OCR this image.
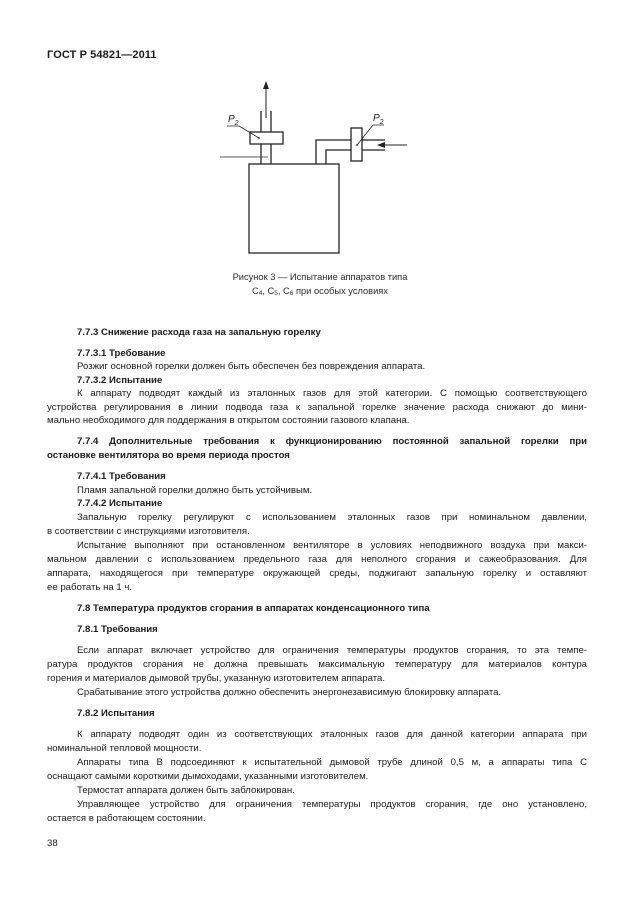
ГОСТ Р 54821—2011
$P_2$	$P_2$
Рисунок 3 — Испытание аппаратов типа
$C_4$, $C_5$, $C_6$ при особых условиях
7.7.3 Снижение расхода газа на запальную горелку
7.7.3.1 Требование
Розжиг основной горелки должен быть обеспечен без повреждения аппарата.
7.7.3.2 Испытание
К аппарату подводят каждый из эталонных газов для этой категории. С помощью соответствующего
устройства регулирования в линии подвода газа к запальной горелке значение расхода снижают до мини-
мально необходимого для поддержания в открытом состоянии газового клапана.
7.7.4 Дополнительные требования к функционированию постоянной запальной горелки при
остановке вентилятора во время периода простоя
7.7.4.1 Требования
Пламя запальной горелки должно быть устойчивым.
7.7.4.2 Испытание
Запальную горелку регулируют с использованием эталонных газов при номинальном давлении,
в соответствии с инструкциями изготовителя.
Испытание выполняют при остановленном вентиляторе в условиях неподвижного воздуха при макси-
мальном давлении с использованием предельного газа для неполного сгорания и сажеобразования. Для
аппарата, находящегося при температуре окружающей среды, поджигают запальную горелку и оставляют
ее работать на 1 ч.
7.8 Температура продуктов сгорания в аппаратах конденсационного типа
7.8.1 Требования
Если аппарат включает устройство для ограничения температуры продуктов сгорания, то эта темпе-
ратура продуктов сгорания не должна превышать максимальную температуру для материалов контура
горения и материалов дымовой трубы, указанную изготовителем аппарата.
Срабатывание этого устройства должно обеспечить энергонезависимую блокировку аппарата.
7.8.2 Испытания
К аппарату подводят один из соответствующих эталонных газов для данной категории аппарата при
номинальной тепловой мощности.
Аппараты типа В подсоединяют к испытательной дымовой трубе длиной 0,5 м, а аппараты типа С
оснащают самыми короткими дымоходами, указанными изготовителем.
Термостат аппарата должен быть заблокирован.
Управляющее устройство для ограничения температуры продуктов сгорания, где оно установлено,
остается в работающем состоянии.
38
